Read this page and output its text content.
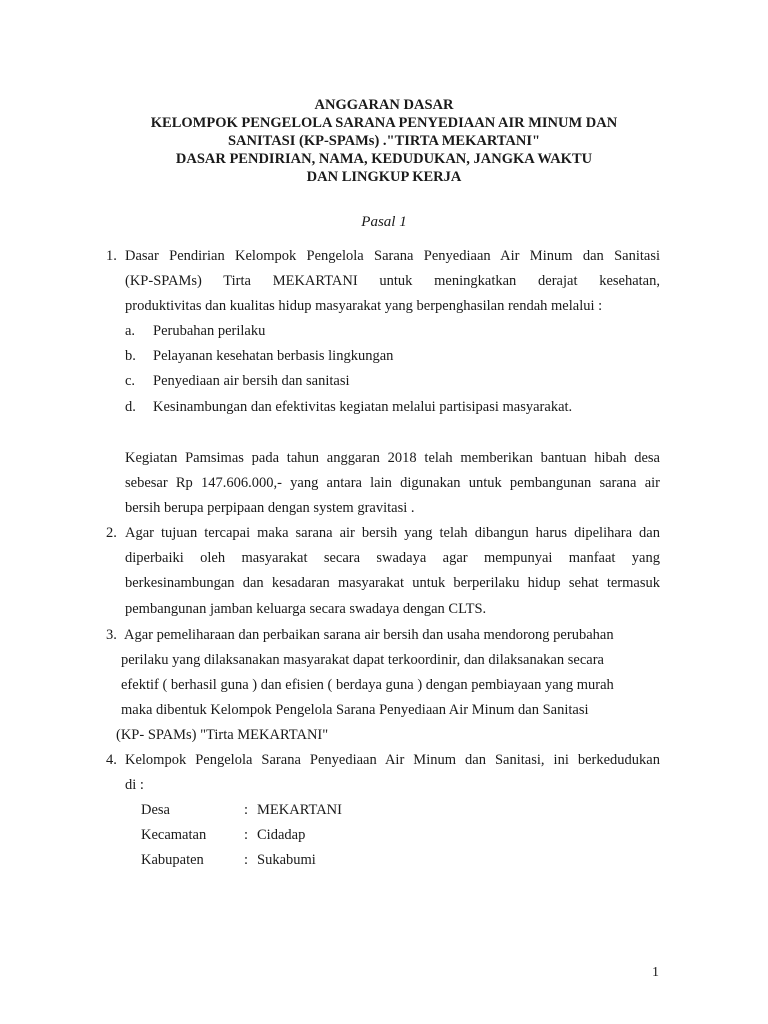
ANGGARAN DASAR
KELOMPOK PENGELOLA SARANA PENYEDIAAN AIR MINUM DAN
SANITASI (KP-SPAMs) ."TIRTA MEKARTANI"
DASAR PENDIRIAN, NAMA, KEDUDUKAN, JANGKA WAKTU
DAN LINGKUP KERJA
Pasal 1
1. Dasar Pendirian Kelompok Pengelola Sarana Penyediaan Air Minum dan Sanitasi
(KP-SPAMs) Tirta MEKARTANI untuk meningkatkan derajat kesehatan,
produktivitas dan kualitas hidup masyarakat yang berpenghasilan rendah melalui :
a. Perubahan perilaku
b. Pelayanan kesehatan berbasis lingkungan
c. Penyediaan air bersih dan sanitasi
d. Kesinambungan dan efektivitas kegiatan melalui partisipasi masyarakat.
Kegiatan Pamsimas pada tahun anggaran 2018 telah memberikan bantuan hibah desa
sebesar Rp 147.606.000,- yang antara lain digunakan untuk pembangunan sarana air
bersih berupa perpipaan dengan system gravitasi .
2. Agar tujuan tercapai maka sarana air bersih yang telah dibangun harus dipelihara dan
diperbaiki oleh masyarakat secara swadaya agar mempunyai manfaat yang
berkesinambungan dan kesadaran masyarakat untuk berperilaku hidup sehat termasuk
pembangunan jamban keluarga secara swadaya dengan CLTS.
3. Agar pemeliharaan dan perbaikan sarana air bersih dan usaha mendorong perubahan
perilaku yang dilaksanakan masyarakat dapat terkoordinir, dan dilaksanakan secara
efektif ( berhasil guna ) dan efisien ( berdaya guna ) dengan pembiayaan yang murah
maka dibentuk Kelompok Pengelola Sarana Penyediaan Air Minum dan Sanitasi
(KP- SPAMs) "Tirta MEKARTANI"
4. Kelompok Pengelola Sarana Penyediaan Air Minum dan Sanitasi, ini berkedudukan
di :
Desa	: MEKARTANI
Kecamatan	: Cidadap
Kabupaten	: Sukabumi
1
